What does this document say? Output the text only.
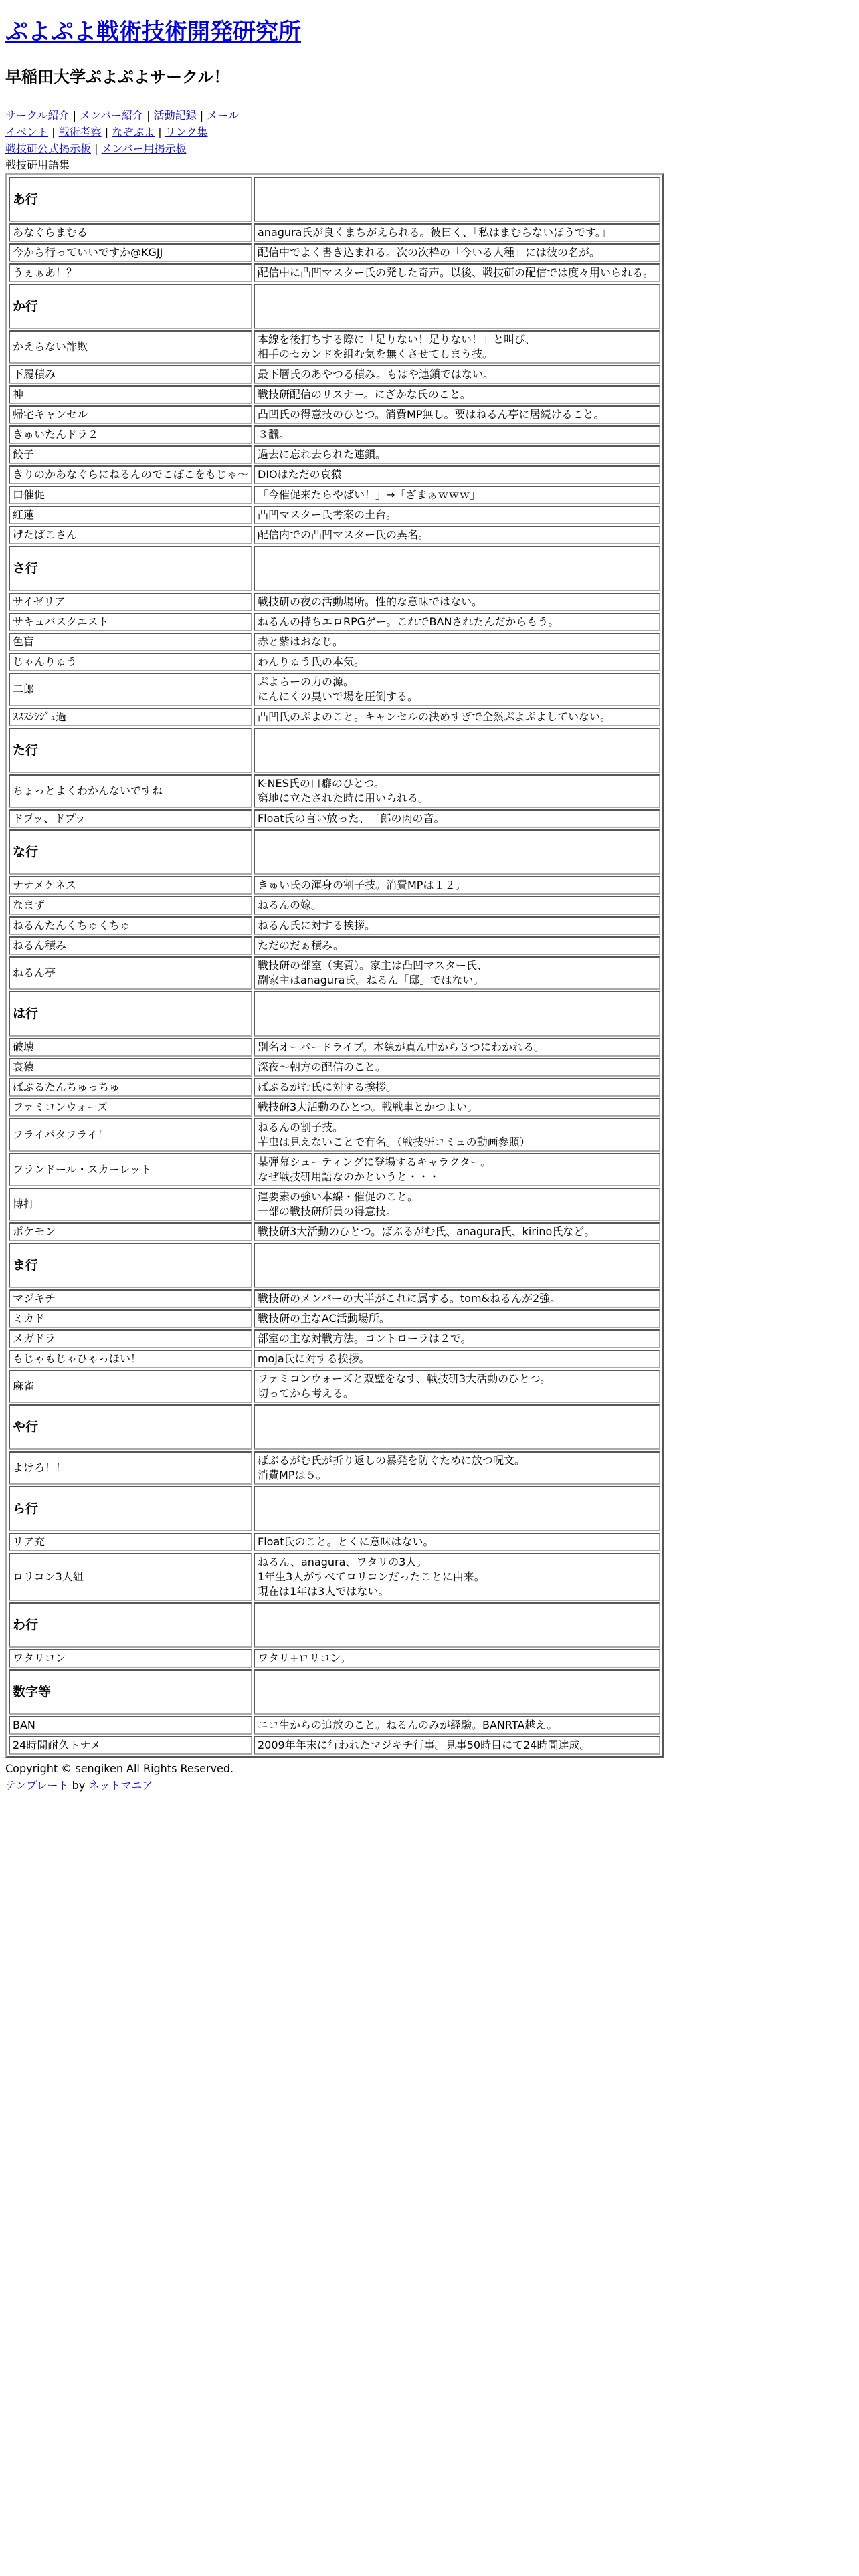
ぷよぷよ戦術技術開発研究所
早稲田大学ぷよぷよサークル！
サークル紹介 | メンバー紹介 | 活動記録 | メール
イベント | 戦術考察 | なぞぷよ | リンク集
戦技研公式掲示板 | メンバー用掲示板
戦技研用語集
あ行	
あなぐらまむる	anagura氏が良くまちがえられる。彼曰く、「私はまむらないほうです。」

今から行っていいですか@KGJJ	配信中でよく書き込まれる。次の次枠の「今いる人種」には彼の名が。

うぇぁあ！？	配信中に凸凹マスター氏の発した奇声。以後、戦技研の配信では度々用いられる。

か行	
かえらない詐欺	本線を後打ちする際に「足りない！足りない！」と叫び、
相手のセカンドを組む気を無くさせてしまう技。

下履積み	最下層氏のあやつる積み。もはや連鎖ではない。

神	戦技研配信のリスナー。にざかな氏のこと。

帰宅キャンセル	凸凹氏の得意技のひとつ。消費MP無し。要はねるん亭に居続けること。

きゅいたんドラ２	３飜。

餃子	過去に忘れ去られた連鎖。

きりのかあなぐらにねるんのでこぼこをもじゃ〜	DIOはただの哀猿

口催促	「今催促来たらやばい！」→「ざまぁｗｗｗ」

紅蓮	凸凹マスター氏考案の土台。

げたばこさん	配信内での凸凹マスター氏の異名。

さ行	
サイゼリア	戦技研の夜の活動場所。性的な意味ではない。

サキュバスクエスト	ねるんの持ちエロRPGゲー。これでBANされたんだからもう。

色盲	赤と紫はおなじ。

じゃんりゅう	わんりゅう氏の本気。

二郎	ぷよらーの力の源。
にんにくの臭いで場を圧倒する。

ｽｽｽｼｼｼﾞｭ過	凸凹氏のぷよのこと。キャンセルの決めすぎで全然ぷよぷよしていない。

た行	
ちょっとよくわかんないですね	K-NES氏の口癖のひとつ。
窮地に立たされた時に用いられる。

ドプッ、ドプッ	Float氏の言い放った、二郎の肉の音。

な行	
ナナメケネス	きゅい氏の渾身の割子技。消費MPは１２。

なまず	ねるんの嫁。

ねるんたんくちゅくちゅ	ねるん氏に対する挨拶。

ねるん積み	ただのだぁ積み。

ねるん亭	戦技研の部室（実質）。家主は凸凹マスター氏、
副家主はanagura氏。ねるん「邸」ではない。

は行	
破壊	別名オーバードライブ。本線が真ん中から３つにわかれる。

哀猿	深夜〜朝方の配信のこと。

ばぶるたんちゅっちゅ	ばぶるがむ氏に対する挨拶。

ファミコンウォーズ	戦技研3大活動のひとつ。戦戦車とかつよい。

フライパタフライ！	ねるんの割子技。
芋虫は見えないことで有名。（戦技研コミュの動画参照）

フランドール・スカーレット	某弾幕シューティングに登場するキャラクター。
なぜ戦技研用語なのかというと・・・

博打	運要素の強い本線・催促のこと。
一部の戦技研所員の得意技。

ポケモン	戦技研3大活動のひとつ。ばぶるがむ氏、anagura氏、kirino氏など。

ま行	
マジキチ	戦技研のメンバーの大半がこれに属する。tom&ねるんが2強。

ミカド	戦技研の主なAC活動場所。

メガドラ	部室の主な対戦方法。コントローラは２で。

もじゃもじゃひゃっほい！	moja氏に対する挨拶。

麻雀	ファミコンウォーズと双璧をなす、戦技研3大活動のひとつ。
切ってから考える。

や行	
よけろ！！	ばぶるがむ氏が折り返しの暴発を防ぐために放つ呪文。
消費MPは５。

ら行	
リア充	Float氏のこと。とくに意味はない。

ロリコン3人組	ねるん、anagura、ワタリの3人。
1年生3人がすべてロリコンだったことに由来。
現在は1年は3人ではない。

わ行	
ワタリコン	ワタリ+ロリコン。

数字等	
BAN	ニコ生からの追放のこと。ねるんのみが経験。BANRTA越え。

24時間耐久トナメ	2009年年末に行われたマジキチ行事。見事50時目にて24時間達成。
Copyright © sengiken All Rights Reserved.
テンプレート by ネットマニア
